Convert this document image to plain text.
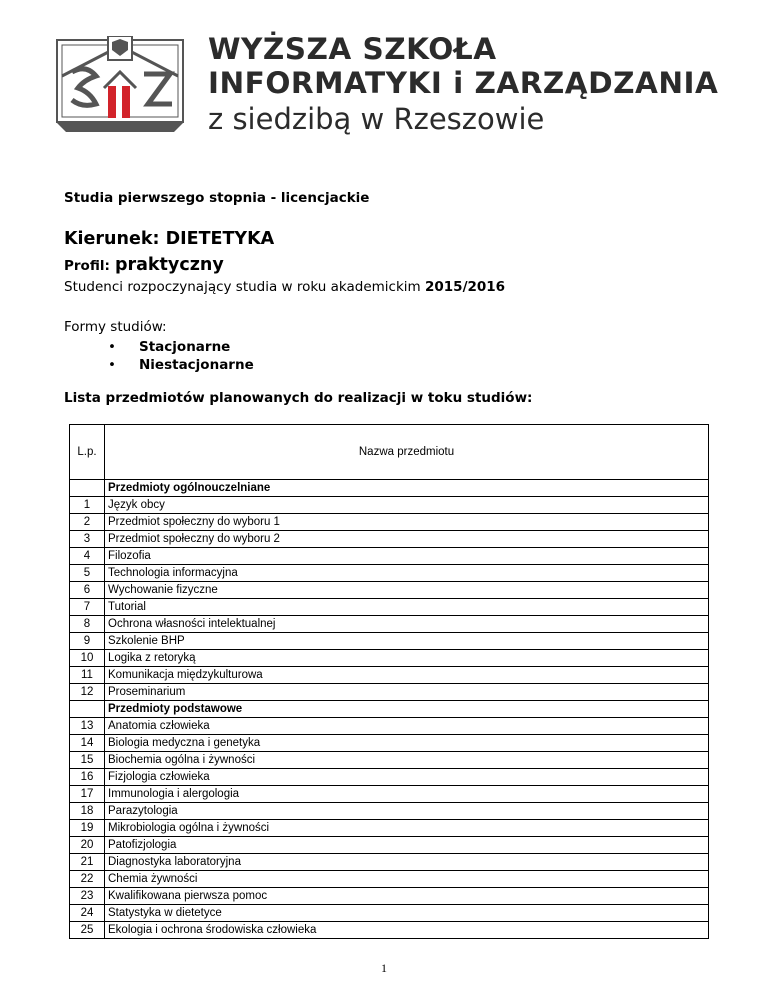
WYŻSZA SZKOŁA
INFORMATYKI i ZARZĄDZANIA
z siedzibą w Rzeszowie
Studia pierwszego stopnia - licencjackie
Kierunek: DIETETYKA
Profil: praktyczny
Studenci rozpoczynający studia w roku akademickim 2015/2016
Formy studiów:
• Stacjonarne
• Niestacjonarne
Lista przedmiotów planowanych do realizacji w toku studiów:
L.p.	Nazwa przedmiotu
	Przedmioty ogólnouczelniane
1	Język obcy
2	Przedmiot społeczny do wyboru 1
3	Przedmiot społeczny do wyboru 2
4	Filozofia
5	Technologia informacyjna
6	Wychowanie fizyczne
7	Tutorial
8	Ochrona własności intelektualnej
9	Szkolenie BHP
10	Logika z retoryką
11	Komunikacja międzykulturowa
12	Proseminarium
	Przedmioty podstawowe
13	Anatomia człowieka
14	Biologia medyczna i genetyka
15	Biochemia ogólna i żywności
16	Fizjologia człowieka
17	Immunologia i alergologia
18	Parazytologia
19	Mikrobiologia ogólna i żywności
20	Patofizjologia
21	Diagnostyka laboratoryjna
22	Chemia żywności
23	Kwalifikowana pierwsza pomoc
24	Statystyka w dietetyce
25	Ekologia i ochrona środowiska człowieka
1
